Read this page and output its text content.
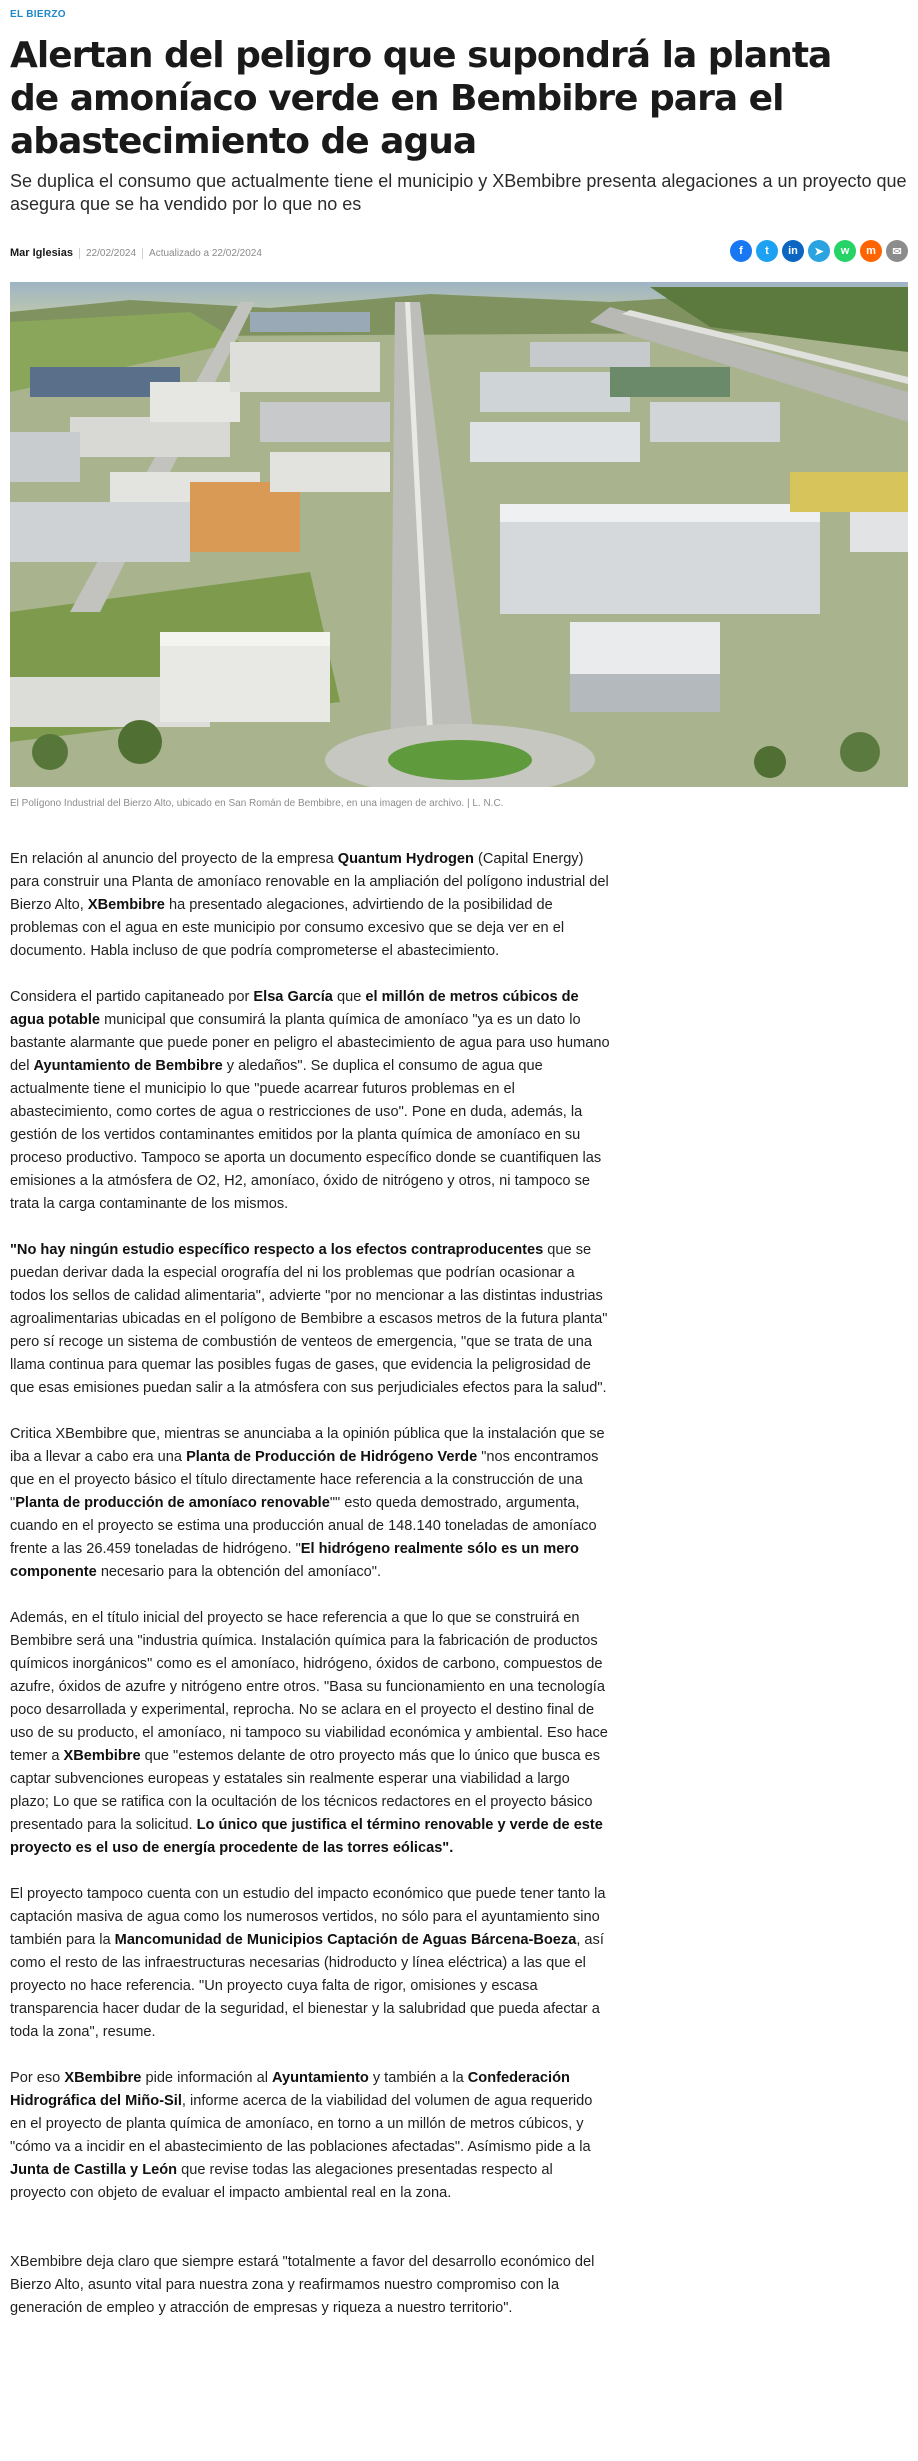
EL BIERZO
Alertan del peligro que supondrá la planta de amoníaco verde en Bembibre para el abastecimiento de agua

Se duplica el consumo que actualmente tiene el municipio y XBembibre presenta alegaciones a un proyecto que asegura que se ha vendido por lo que no es

Mar Iglesias 22/02/2024 Actualizado a 22/02/2024	f	t	in	➤	w	m	✉
El Polígono Industrial del Bierzo Alto, ubicado en San Román de Bembibre, en una imagen de archivo. | L. N.C.

En relación al anuncio del proyecto de la empresa Quantum Hydrogen (Capital Energy) para construir una Planta de amoníaco renovable en la ampliación del polígono industrial del Bierzo Alto, XBembibre ha presentado alegaciones, advirtiendo de la posibilidad de problemas con el agua en este municipio por consumo excesivo que se deja ver en el documento. Habla incluso de que podría comprometerse el abastecimiento.

Considera el partido capitaneado por Elsa García que el millón de metros cúbicos de agua potable municipal que consumirá la planta química de amoníaco "ya es un dato lo bastante alarmante que puede poner en peligro el abastecimiento de agua para uso humano del Ayuntamiento de Bembibre y aledaños". Se duplica el consumo de agua que actualmente tiene el municipio lo que "puede acarrear futuros problemas en el abastecimiento, como cortes de agua o restricciones de uso". Pone en duda, además, la gestión de los vertidos contaminantes emitidos por la planta química de amoníaco en su proceso productivo. Tampoco se aporta un documento específico donde se cuantifiquen las emisiones a la atmósfera de O2, H2, amoníaco, óxido de nitrógeno y otros, ni tampoco se trata la carga contaminante de los mismos.

"No hay ningún estudio específico respecto a los efectos contraproducentes que se puedan derivar dada la especial orografía del ni los problemas que podrían ocasionar a todos los sellos de calidad alimentaria", advierte "por no mencionar a las distintas industrias agroalimentarias ubicadas en el polígono de Bembibre a escasos metros de la futura planta" pero sí recoge un sistema de combustión de venteos de emergencia, "que se trata de una llama continua para quemar las posibles fugas de gases, que evidencia la peligrosidad de que esas emisiones puedan salir a la atmósfera con sus perjudiciales efectos para la salud".

Critica XBembibre que, mientras se anunciaba a la opinión pública que la instalación que se iba a llevar a cabo era una Planta de Producción de Hidrógeno Verde "nos encontramos que en el proyecto básico el título directamente hace referencia a la construcción de una "Planta de producción de amoníaco renovable"" esto queda demostrado, argumenta, cuando en el proyecto se estima una producción anual de 148.140 toneladas de amoníaco frente a las 26.459 toneladas de hidrógeno. "El hidrógeno realmente sólo es un mero componente necesario para la obtención del amoníaco".

Además, en el título inicial del proyecto se hace referencia a que lo que se construirá en Bembibre será una "industria química. Instalación química para la fabricación de productos químicos inorgánicos" como es el amoníaco, hidrógeno, óxidos de carbono, compuestos de azufre, óxidos de azufre y nitrógeno entre otros. "Basa su funcionamiento en una tecnología poco desarrollada y experimental, reprocha. No se aclara en el proyecto el destino final de uso de su producto, el amoníaco, ni tampoco su viabilidad económica y ambiental. Eso hace temer a XBembibre que "estemos delante de otro proyecto más que lo único que busca es captar subvenciones europeas y estatales sin realmente esperar una viabilidad a largo plazo; Lo que se ratifica con la ocultación de los técnicos redactores en el proyecto básico presentado para la solicitud. Lo único que justifica el término renovable y verde de este proyecto es el uso de energía procedente de las torres eólicas".

El proyecto tampoco cuenta con un estudio del impacto económico que puede tener tanto la captación masiva de agua como los numerosos vertidos, no sólo para el ayuntamiento sino también para la Mancomunidad de Municipios Captación de Aguas Bárcena-Boeza, así como el resto de las infraestructuras necesarias (hidroducto y línea eléctrica) a las que el proyecto no hace referencia. "Un proyecto cuya falta de rigor, omisiones y escasa transparencia hacer dudar de la seguridad, el bienestar y la salubridad que pueda afectar a toda la zona", resume.

Por eso XBembibre pide información al Ayuntamiento y también a la Confederación Hidrográfica del Miño-Sil, informe acerca de la viabilidad del volumen de agua requerido en el proyecto de planta química de amoníaco, en torno a un millón de metros cúbicos, y "cómo va a incidir en el abastecimiento de las poblaciones afectadas". Asímismo pide a la Junta de Castilla y León que revise todas las alegaciones presentadas respecto al proyecto con objeto de evaluar el impacto ambiental real en la zona.

XBembibre deja claro que siempre estará "totalmente a favor del desarrollo económico del Bierzo Alto, asunto vital para nuestra zona y reafirmamos nuestro compromiso con la generación de empleo y atracción de empresas y riqueza a nuestro territorio".
